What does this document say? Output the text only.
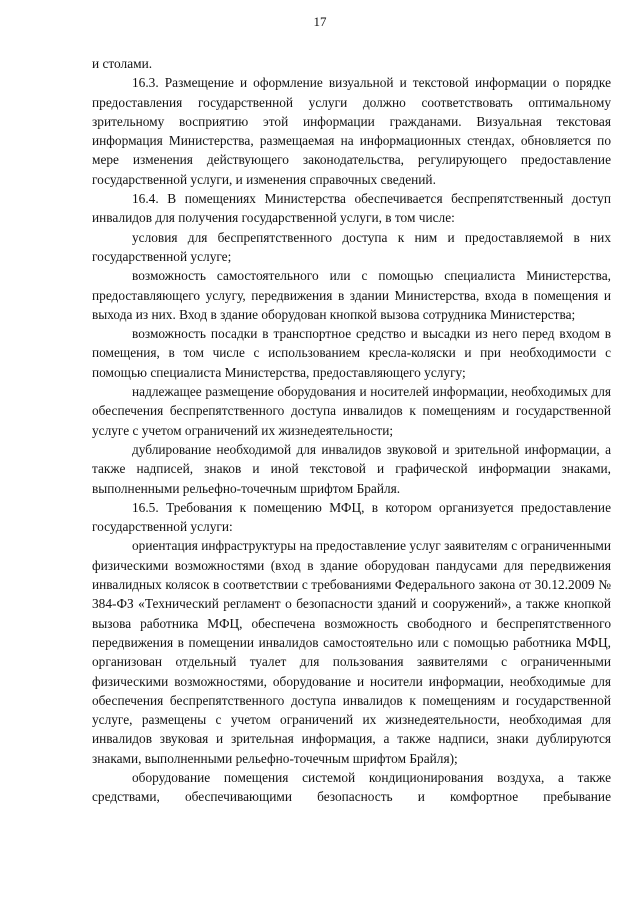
17

и столами.

16.3. Размещение и оформление визуальной и текстовой информации о порядке предоставления государственной услуги должно соответствовать оптимальному зрительному восприятию этой информации гражданами. Визуальная текстовая информация Министерства, размещаемая на информационных стендах, обновляется по мере изменения действующего законодательства, регулирующего предоставление государственной услуги, и изменения справочных сведений.

16.4. В помещениях Министерства обеспечивается беспрепятственный доступ инвалидов для получения государственной услуги, в том числе:

условия для беспрепятственного доступа к ним и предоставляемой в них государственной услуге;

возможность самостоятельного или с помощью специалиста Министерства, предоставляющего услугу, передвижения в здании Министерства, входа в помещения и выхода из них. Вход в здание оборудован кнопкой вызова сотрудника Министерства;

возможность посадки в транспортное средство и высадки из него перед входом в помещения, в том числе с использованием кресла-коляски и при необходимости с помощью специалиста Министерства, предоставляющего услугу;

надлежащее размещение оборудования и носителей информации, необходимых для обеспечения беспрепятственного доступа инвалидов к помещениям и государственной услуге с учетом ограничений их жизнедеятельности;

дублирование необходимой для инвалидов звуковой и зрительной информации, а также надписей, знаков и иной текстовой и графической информации знаками, выполненными рельефно-точечным шрифтом Брайля.

16.5. Требования к помещению МФЦ, в котором организуется предоставление государственной услуги:

ориентация инфраструктуры на предоставление услуг заявителям с ограниченными физическими возможностями (вход в здание оборудован пандусами для передвижения инвалидных колясок в соответствии с требованиями Федерального закона от 30.12.2009 № 384-ФЗ «Технический регламент о безопасности зданий и сооружений», а также кнопкой вызова работника МФЦ, обеспечена возможность свободного и беспрепятственного передвижения в помещении инвалидов самостоятельно или с помощью работника МФЦ, организован отдельный туалет для пользования заявителями с ограниченными физическими возможностями, оборудование и носители информации, необходимые для обеспечения беспрепятственного доступа инвалидов к помещениям и государственной услуге, размещены с учетом ограничений их жизнедеятельности, необходимая для инвалидов звуковая и зрительная информация, а также надписи, знаки дублируются знаками, выполненными рельефно-точечным шрифтом Брайля);

оборудование помещения системой кондиционирования воздуха, а также средствами, обеспечивающими безопасность и комфортное пребывание
